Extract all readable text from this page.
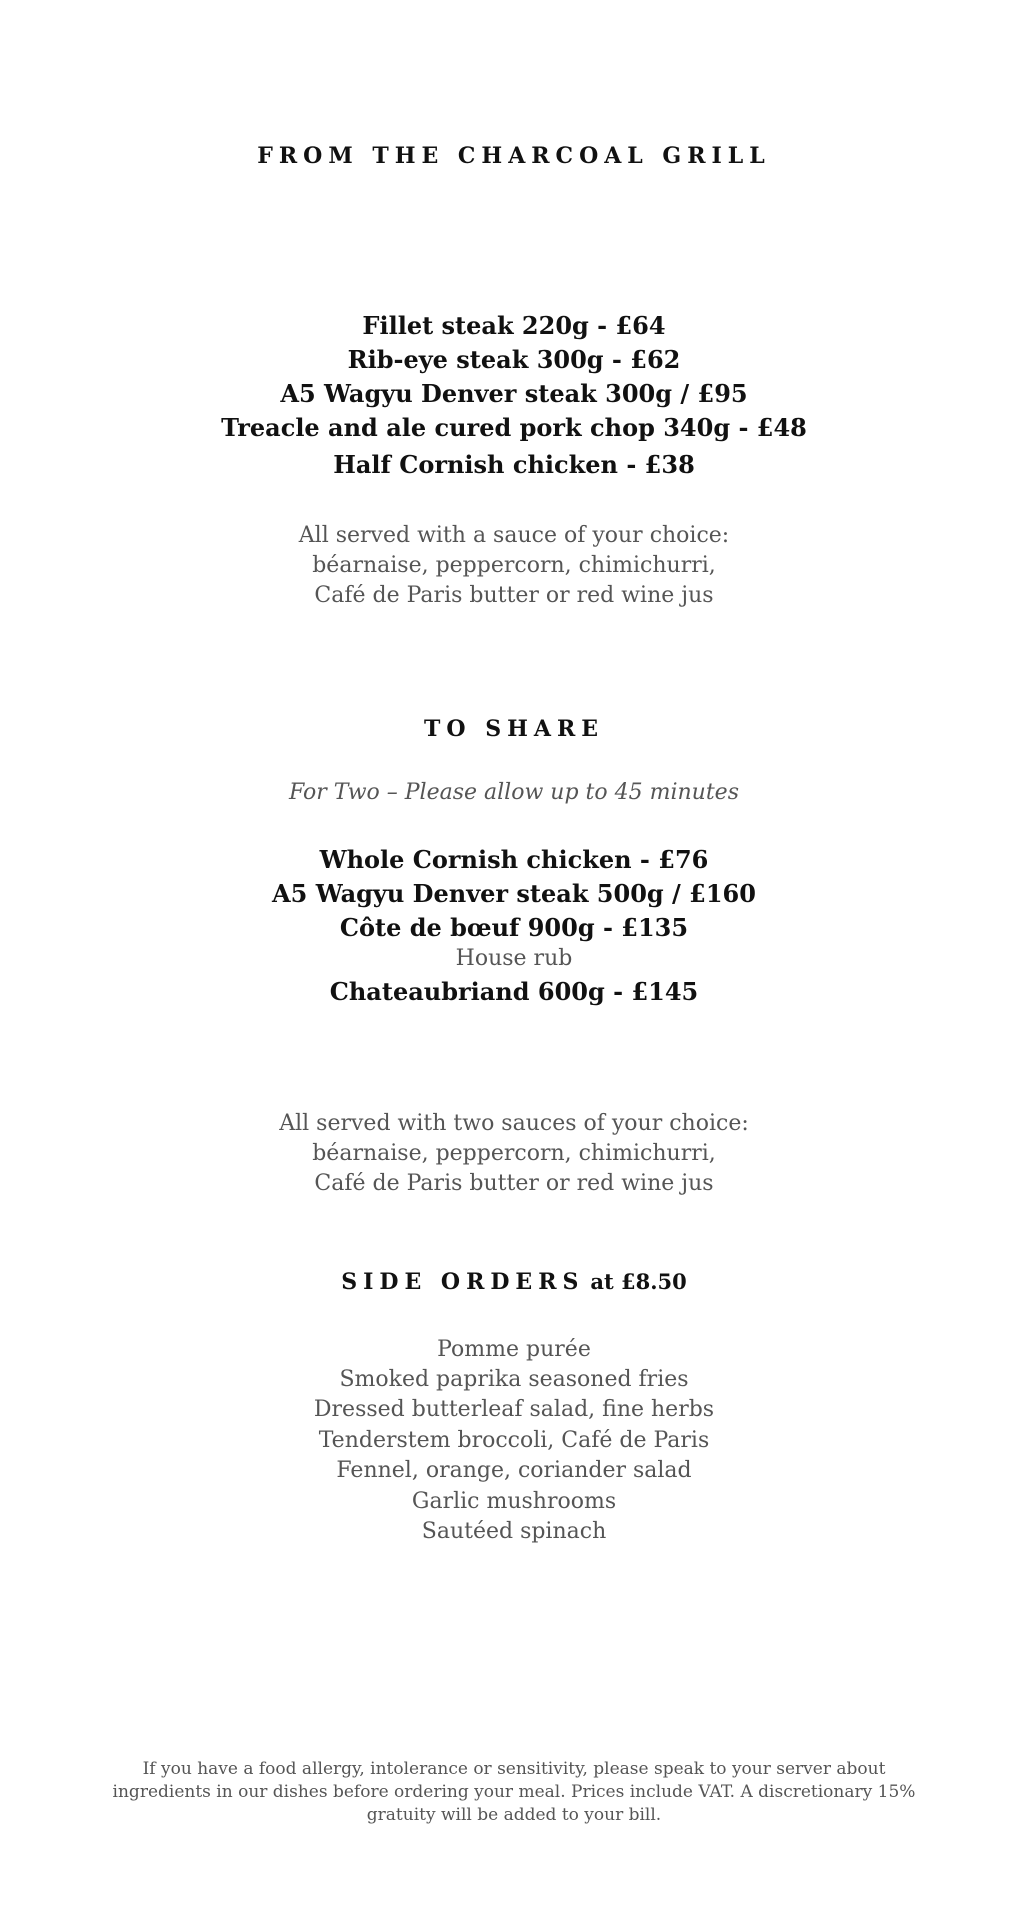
FROM THE CHARCOAL GRILL
Fillet steak 220g - £64
Rib-eye steak 300g - £62
A5 Wagyu Denver steak 300g / £95
Treacle and ale cured pork chop 340g - £48
Half Cornish chicken - £38
All served with a sauce of your choice:
béarnaise, peppercorn, chimichurri,
Café de Paris butter or red wine jus
TO SHARE
For Two – Please allow up to 45 minutes
Whole Cornish chicken - £76
A5 Wagyu Denver steak 500g / £160
Côte de bœuf 900g - £135
House rub
Chateaubriand 600g - £145
All served with two sauces of your choice:
béarnaise, peppercorn, chimichurri,
Café de Paris butter or red wine jus
SIDE ORDERS at £8.50
Pomme purée
Smoked paprika seasoned fries
Dressed butterleaf salad, fine herbs
Tenderstem broccoli, Café de Paris
Fennel, orange, coriander salad
Garlic mushrooms
Sautéed spinach
If you have a food allergy, intolerance or sensitivity, please speak to your server about
ingredients in our dishes before ordering your meal. Prices include VAT. A discretionary 15%
gratuity will be added to your bill.
